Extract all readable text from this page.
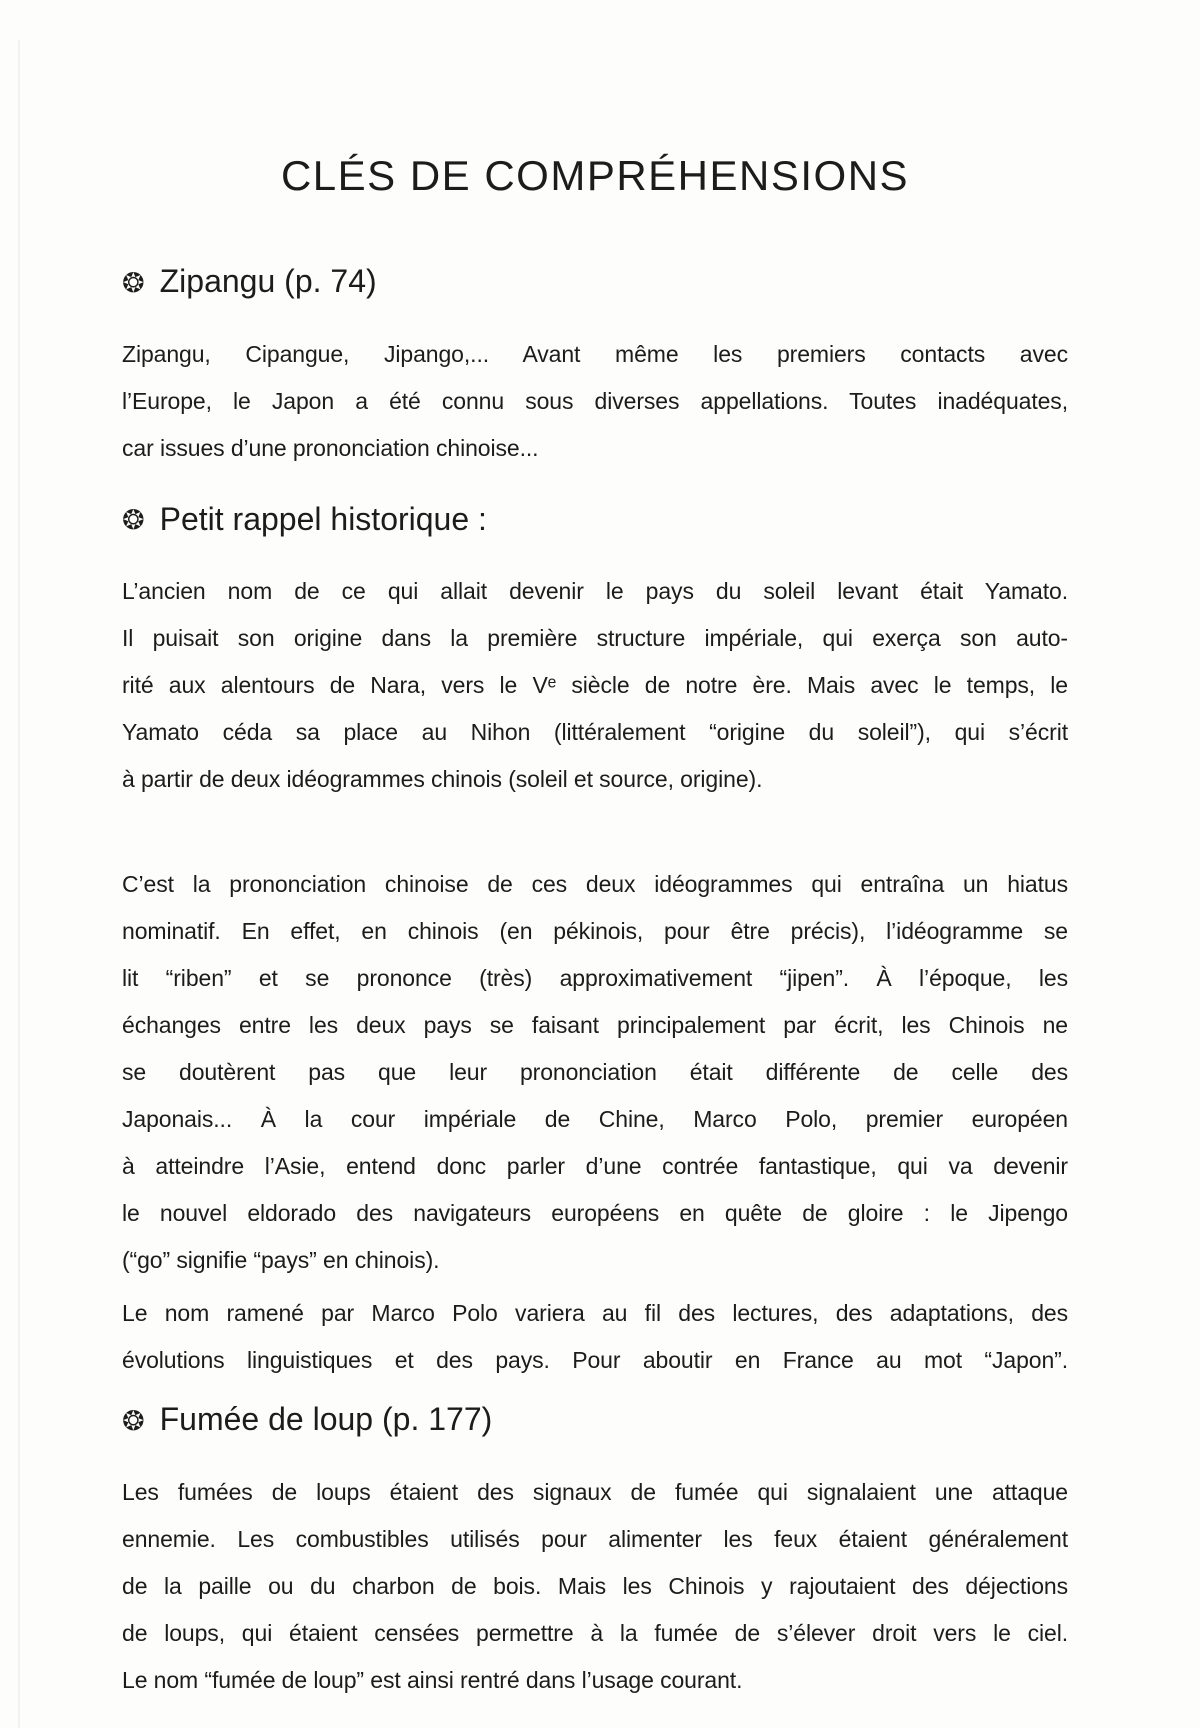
CLÉS DE COMPRÉHENSIONS
❂ Zipangu (p. 74)
Zipangu, Cipangue, Jipango,... Avant même les premiers contacts avec
l’Europe, le Japon a été connu sous diverses appellations. Toutes inadéquates,
car issues d’une prononciation chinoise...
❂ Petit rappel historique :
L’ancien nom de ce qui allait devenir le pays du soleil levant était Yamato.
Il puisait son origine dans la première structure impériale, qui exerça son auto-
rité aux alentours de Nara, vers le Vᵉ siècle de notre ère. Mais avec le temps, le
Yamato céda sa place au Nihon (littéralement “origine du soleil”), qui s’écrit
à partir de deux idéogrammes chinois (soleil et source, origine).
C’est la prononciation chinoise de ces deux idéogrammes qui entraîna un hiatus
nominatif. En effet, en chinois (en pékinois, pour être précis), l’idéogramme se
lit “riben” et se prononce (très) approximativement “jipen”. À l’époque, les
échanges entre les deux pays se faisant principalement par écrit, les Chinois ne
se doutèrent pas que leur prononciation était différente de celle des
Japonais... À la cour impériale de Chine, Marco Polo, premier européen
à atteindre l’Asie, entend donc parler d’une contrée fantastique, qui va devenir
le nouvel eldorado des navigateurs européens en quête de gloire : le Jipengo
(“go” signifie “pays” en chinois).
Le nom ramené par Marco Polo variera au fil des lectures, des adaptations, des
évolutions linguistiques et des pays. Pour aboutir en France au mot “Japon”.
❂ Fumée de loup (p. 177)
Les fumées de loups étaient des signaux de fumée qui signalaient une attaque
ennemie. Les combustibles utilisés pour alimenter les feux étaient généralement
de la paille ou du charbon de bois. Mais les Chinois y rajoutaient des déjections
de loups, qui étaient censées permettre à la fumée de s’élever droit vers le ciel.
Le nom “fumée de loup” est ainsi rentré dans l’usage courant.
